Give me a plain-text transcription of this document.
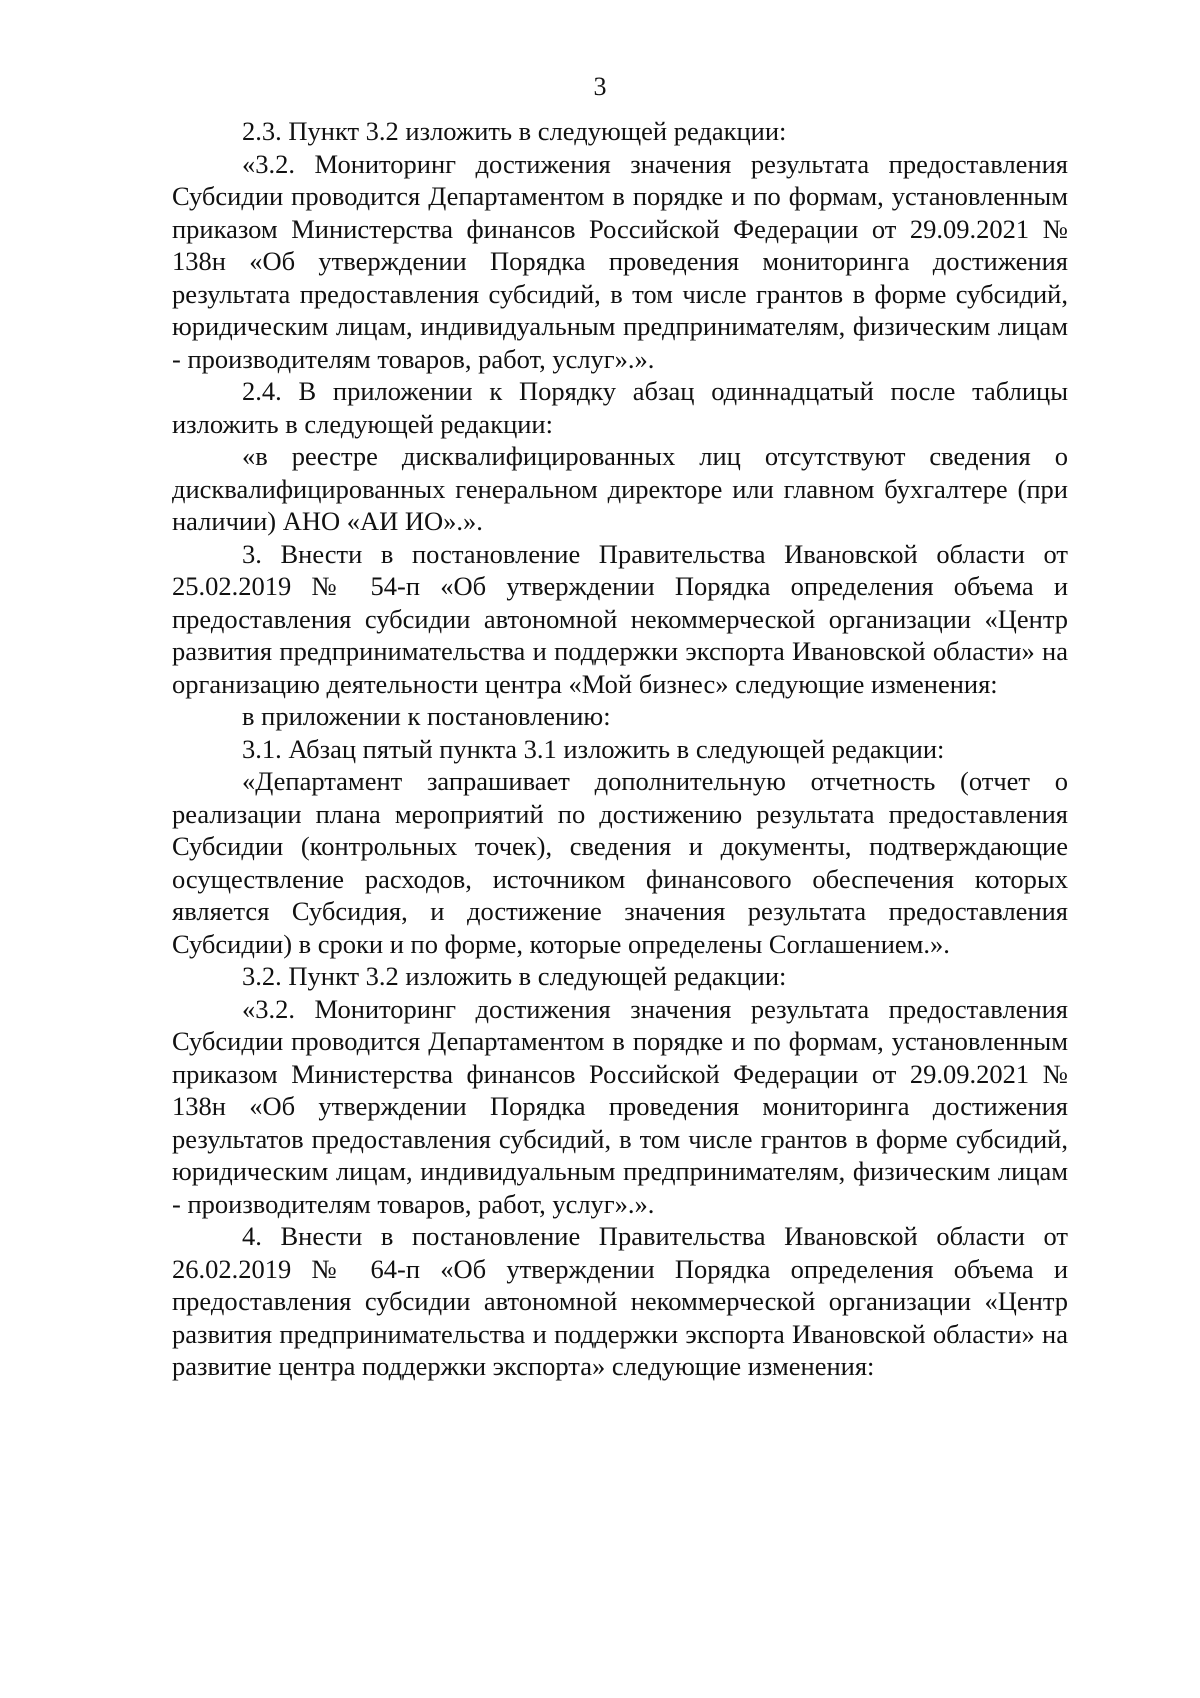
3

2.3. Пункт 3.2 изложить в следующей редакции:

«3.2. Мониторинг достижения значения результата предоставления Субсидии проводится Департаментом в порядке и по формам, установленным приказом Министерства финансов Российской Федерации от 29.09.2021 № 138н «Об утверждении Порядка проведения мониторинга достижения результата предоставления субсидий, в том числе грантов в форме субсидий, юридическим лицам, индивидуальным предпринимателям, физическим лицам - производителям товаров, работ, услуг».».

2.4. В приложении к Порядку абзац одиннадцатый после таблицы изложить в следующей редакции:

«в реестре дисквалифицированных лиц отсутствуют сведения о дисквалифицированных генеральном директоре или главном бухгалтере (при наличии) АНО «АИ ИО».».

3. Внести в постановление Правительства Ивановской области от 25.02.2019 № 54-п «Об утверждении Порядка определения объема и предоставления субсидии автономной некоммерческой организации «Центр развития предпринимательства и поддержки экспорта Ивановской области» на организацию деятельности центра «Мой бизнес» следующие изменения:

в приложении к постановлению:

3.1. Абзац пятый пункта 3.1 изложить в следующей редакции:

«Департамент запрашивает дополнительную отчетность (отчет о реализации плана мероприятий по достижению результата предоставления Субсидии (контрольных точек), сведения и документы, подтверждающие осуществление расходов, источником финансового обеспечения которых является Субсидия, и достижение значения результата предоставления Субсидии) в сроки и по форме, которые определены Соглашением.».

3.2. Пункт 3.2 изложить в следующей редакции:

«3.2. Мониторинг достижения значения результата предоставления Субсидии проводится Департаментом в порядке и по формам, установленным приказом Министерства финансов Российской Федерации от 29.09.2021 № 138н «Об утверждении Порядка проведения мониторинга достижения результатов предоставления субсидий, в том числе грантов в форме субсидий, юридическим лицам, индивидуальным предпринимателям, физическим лицам - производителям товаров, работ, услуг».».

4. Внести в постановление Правительства Ивановской области от 26.02.2019 № 64-п «Об утверждении Порядка определения объема и предоставления субсидии автономной некоммерческой организации «Центр развития предпринимательства и поддержки экспорта Ивановской области» на развитие центра поддержки экспорта» следующие изменения:
